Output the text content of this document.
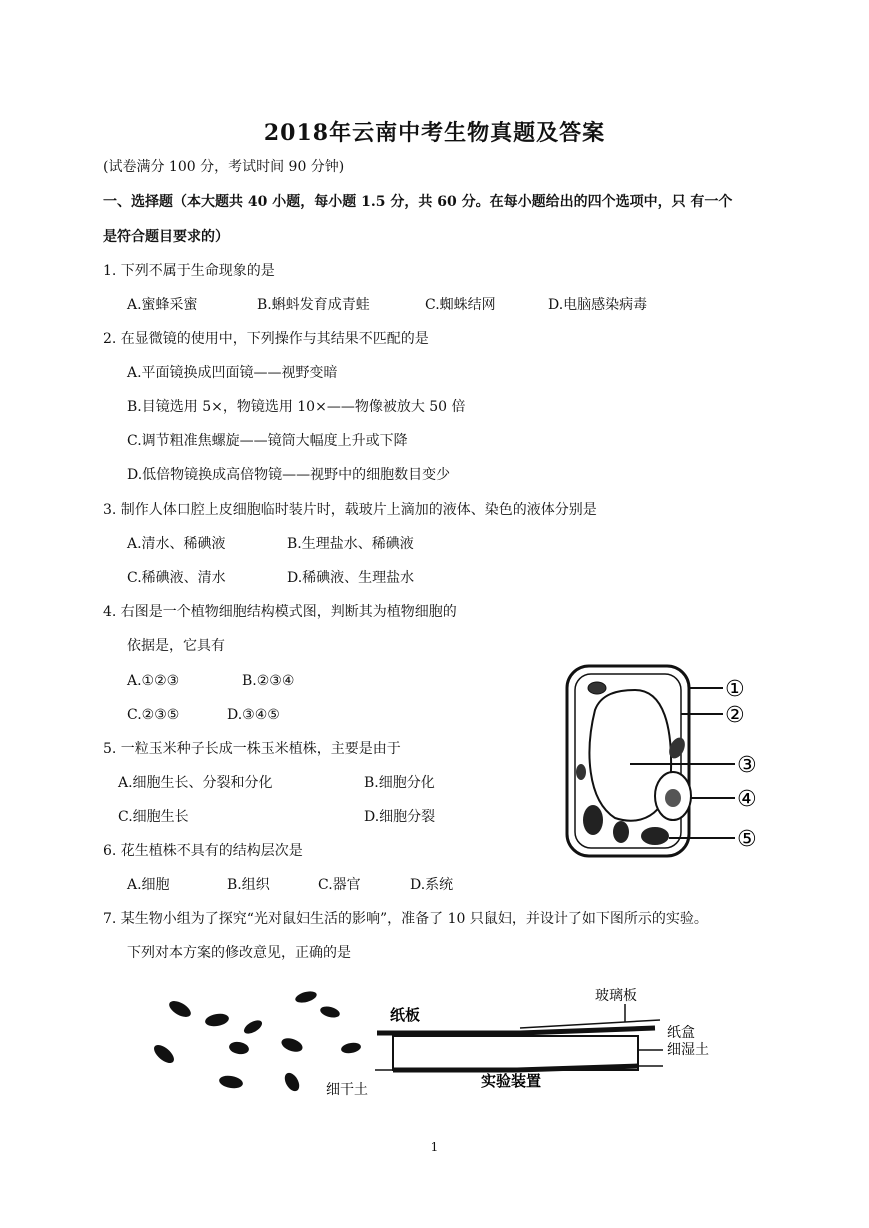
2018年云南中考生物真题及答案
(试卷满分 100 分，考试时间 90 分钟)
一、选择题（本大题共 40 小题，每小题 1.5 分，共 60 分。在每小题给出的四个选项中，只 有一个
是符合题目要求的）
1. 下列不属于生命现象的是
A.蜜蜂采蜜	B.蝌蚪发育成青蛙	C.蜘蛛结网	D.电脑感染病毒
2. 在显微镜的使用中，下列操作与其结果不匹配的是
A.平面镜换成凹面镜——视野变暗
B.目镜选用 5×，物镜选用 10×——物像被放大 50 倍
C.调节粗准焦螺旋——镜筒大幅度上升或下降
D.低倍物镜换成高倍物镜——视野中的细胞数目变少
3. 制作人体口腔上皮细胞临时装片时，载玻片上滴加的液体、染色的液体分别是
A.清水、稀碘液	B.生理盐水、稀碘液
C.稀碘液、清水	D.稀碘液、生理盐水
4. 右图是一个植物细胞结构模式图，判断其为植物细胞的
依据是，它具有
A.①②③	B.②③④
C.②③⑤	D.③④⑤
5. 一粒玉米种子长成一株玉米植株，主要是由于
A.细胞生长、分裂和分化	B.细胞分化
C.细胞生长	D.细胞分裂
6. 花生植株不具有的结构层次是
A.细胞	B.组织	C.器官	D.系统
7. 某生物小组为了探究“光对鼠妇生活的影响”，准备了 10 只鼠妇，并设计了如下图所示的实验。
下列对本方案的修改意见，正确的是
①
②
③
④
⑤
纸板
玻璃板
纸盒
细湿土
细干土	实验装置
1
